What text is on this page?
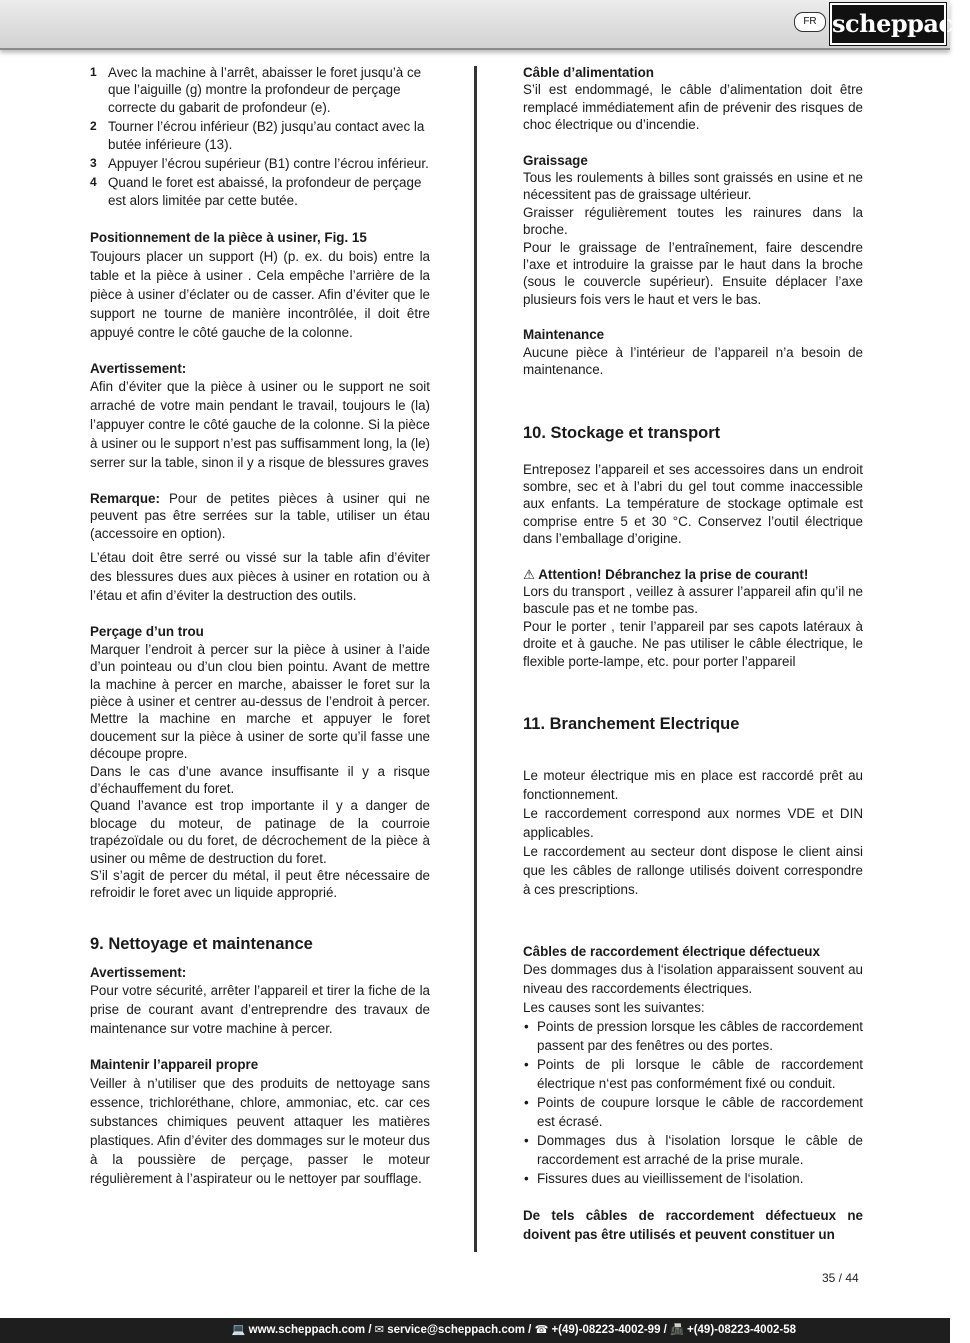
FR scheppach
1 Avec la machine à l’arrêt, abaisser le foret jusqu’à ce que l’aiguille (g) montre la profondeur de perçage correcte du gabarit de profondeur (e).
2 Tourner l’écrou inférieur (B2) jusqu’au contact avec la butée inférieure (13).
3 Appuyer l’écrou supérieur (B1) contre l’écrou inférieur.
4 Quand le foret est abaissé, la profondeur de perçage est alors limitée par cette butée.

Positionnement de la pièce à usiner, Fig. 15

Toujours placer un support (H) (p. ex. du bois) entre la table et la pièce à usiner . Cela empêche l’arrière de la pièce à usiner d’éclater ou de casser. Afin d’éviter que le support ne tourne de manière incontrôlée, il doit être appuyé contre le côté gauche de la colonne.

Avertissement:

Afin d’éviter que la pièce à usiner ou le support ne soit arraché de votre main pendant le travail, toujours le (la) l’appuyer contre le côté gauche de la colonne. Si la pièce à usiner ou le support n’est pas suffisamment long, la (le) serrer sur la table, sinon il y a risque de blessures graves

Remarque: Pour de petites pièces à usiner qui ne peuvent pas être serrées sur la table, utiliser un étau (accessoire en option).

L’étau doit être serré ou vissé sur la table afin d’éviter des blessures dues aux pièces à usiner en rotation ou à l’étau et afin d’éviter la destruction des outils.

Perçage d’un trou

Marquer l’endroit à percer sur la pièce à usiner à l’aide d’un pointeau ou d’un clou bien pointu. Avant de mettre la machine à percer en marche, abaisser le foret sur la pièce à usiner et centrer au-dessus de l’endroit à percer. Mettre la machine en marche et appuyer le foret doucement sur la pièce à usiner de sorte qu’il fasse une découpe propre.

Dans le cas d’une avance insuffisante il y a risque d’échauffement du foret.

Quand l’avance est trop importante il y a danger de blocage du moteur, de patinage de la courroie trapézoïdale ou du foret, de décrochement de la pièce à usiner ou même de destruction du foret.

S’il s’agit de percer du métal, il peut être nécessaire de refroidir le foret avec un liquide approprié.

9. Nettoyage et maintenance

Avertissement:

Pour votre sécurité, arrêter l’appareil et tirer la fiche de la prise de courant avant d’entreprendre des travaux de maintenance sur votre machine à percer.

Maintenir l’appareil propre

Veiller à n’utiliser que des produits de nettoyage sans essence, trichloréthane, chlore, ammoniac, etc. car ces substances chimiques peuvent attaquer les matières plastiques. Afin d’éviter des dommages sur le moteur dus à la poussière de perçage, passer le moteur régulièrement à l’aspirateur ou le nettoyer par soufflage.

Câble d’alimentation

S’il est endommagé, le câble d’alimentation doit être remplacé immédiatement afin de prévenir des risques de choc électrique ou d’incendie.

Graissage

Tous les roulements à billes sont graissés en usine et ne nécessitent pas de graissage ultérieur.

Graisser régulièrement toutes les rainures dans la broche.

Pour le graissage de l’entraînement, faire descendre l’axe et introduire la graisse par le haut dans la broche (sous le couvercle supérieur). Ensuite déplacer l’axe plusieurs fois vers le haut et vers le bas.

Maintenance

Aucune pièce à l’intérieur de l’appareil n’a besoin de maintenance.

10. Stockage et transport

Entreposez l’appareil et ses accessoires dans un endroit sombre, sec et à l’abri du gel tout comme inaccessible aux enfants. La température de stockage optimale est comprise entre 5 et 30 °C. Conservez l’outil électrique dans l’emballage d’origine.

⚠ Attention! Débranchez la prise de courant!

Lors du transport , veillez à assurer l’appareil afin qu’il ne bascule pas et ne tombe pas.

Pour le porter , tenir l’appareil par ses capots latéraux à droite et à gauche. Ne pas utiliser le câble électrique, le flexible porte-lampe, etc. pour porter l’appareil

11. Branchement Electrique

Le moteur électrique mis en place est raccordé prêt au fonctionnement.

Le raccordement correspond aux normes VDE et DIN applicables.

Le raccordement au secteur dont dispose le client ainsi que les câbles de rallonge utilisés doivent correspondre à ces prescriptions.

Câbles de raccordement électrique défectueux

Des dommages dus à l‘isolation apparaissent souvent au niveau des raccordements électriques.

Les causes sont les suivantes:

• Points de pression lorsque les câbles de raccordement passent par des fenêtres ou des portes.
• Points de pli lorsque le câble de raccordement électrique n‘est pas conformément fixé ou conduit.
• Points de coupure lorsque le câble de raccordement est écrasé.
• Dommages dus à l‘isolation lorsque le câble de raccordement est arraché de la prise murale.
• Fissures dues au vieillissement de l‘isolation.

De tels câbles de raccordement défectueux ne doivent pas être utilisés et peuvent constituer un

35 / 44
💻 www.scheppach.com / ✉ service@scheppach.com / ☎ +(49)-08223-4002-99 / 📠 +(49)-08223-4002-58
